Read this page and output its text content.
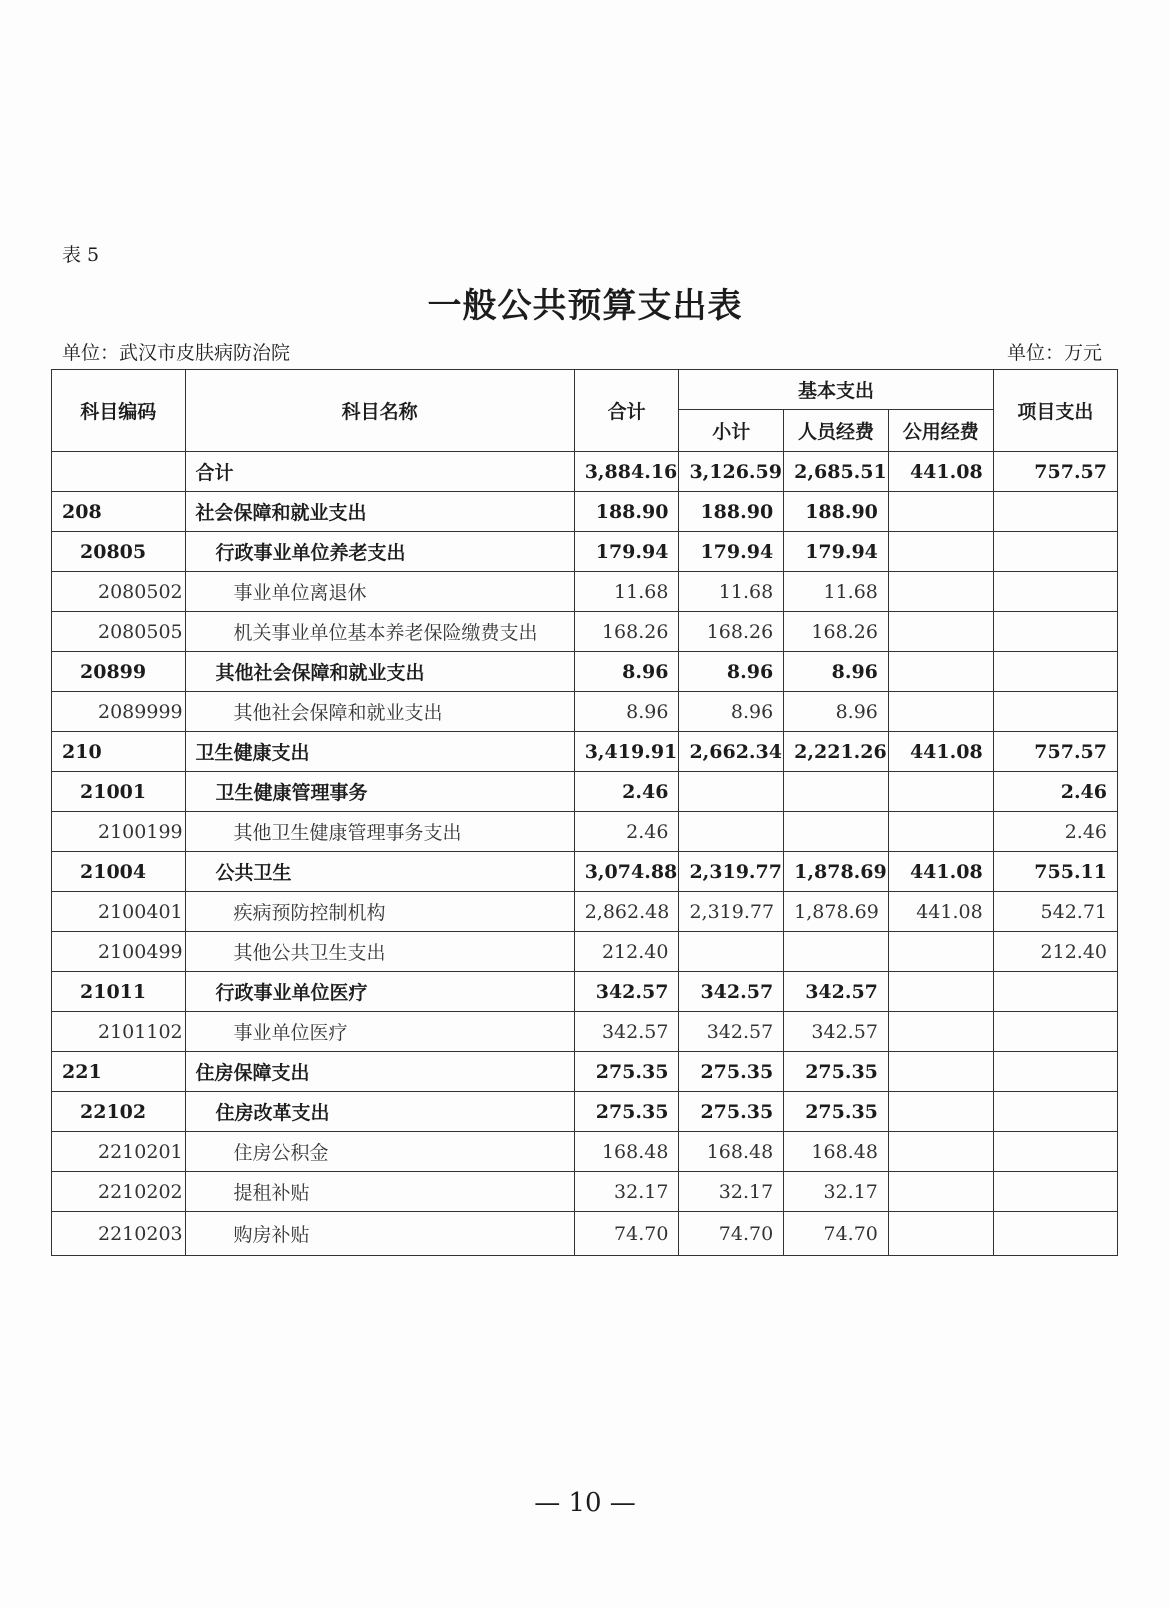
表 5
一般公共预算支出表
单位：武汉市皮肤病防治院	单位：万元
科目编码	科目名称	合计	基本支出			项目支出
			小计	人员经费	公用经费	
	合计	3,884.16	3,126.59	2,685.51	441.08	757.57
208	社会保障和就业支出	188.90	188.90	188.90		
20805	行政事业单位养老支出	179.94	179.94	179.94		
2080502	事业单位离退休	11.68	11.68	11.68		
2080505	机关事业单位基本养老保险缴费支出	168.26	168.26	168.26		
20899	其他社会保障和就业支出	8.96	8.96	8.96		
2089999	其他社会保障和就业支出	8.96	8.96	8.96		
210	卫生健康支出	3,419.91	2,662.34	2,221.26	441.08	757.57
21001	卫生健康管理事务	2.46				2.46
2100199	其他卫生健康管理事务支出	2.46				2.46
21004	公共卫生	3,074.88	2,319.77	1,878.69	441.08	755.11
2100401	疾病预防控制机构	2,862.48	2,319.77	1,878.69	441.08	542.71
2100499	其他公共卫生支出	212.40				212.40
21011	行政事业单位医疗	342.57	342.57	342.57		
2101102	事业单位医疗	342.57	342.57	342.57		
221	住房保障支出	275.35	275.35	275.35		
22102	住房改革支出	275.35	275.35	275.35		
2210201	住房公积金	168.48	168.48	168.48		
2210202	提租补贴	32.17	32.17	32.17		
2210203	购房补贴	74.70	74.70	74.70		
— 10 —
